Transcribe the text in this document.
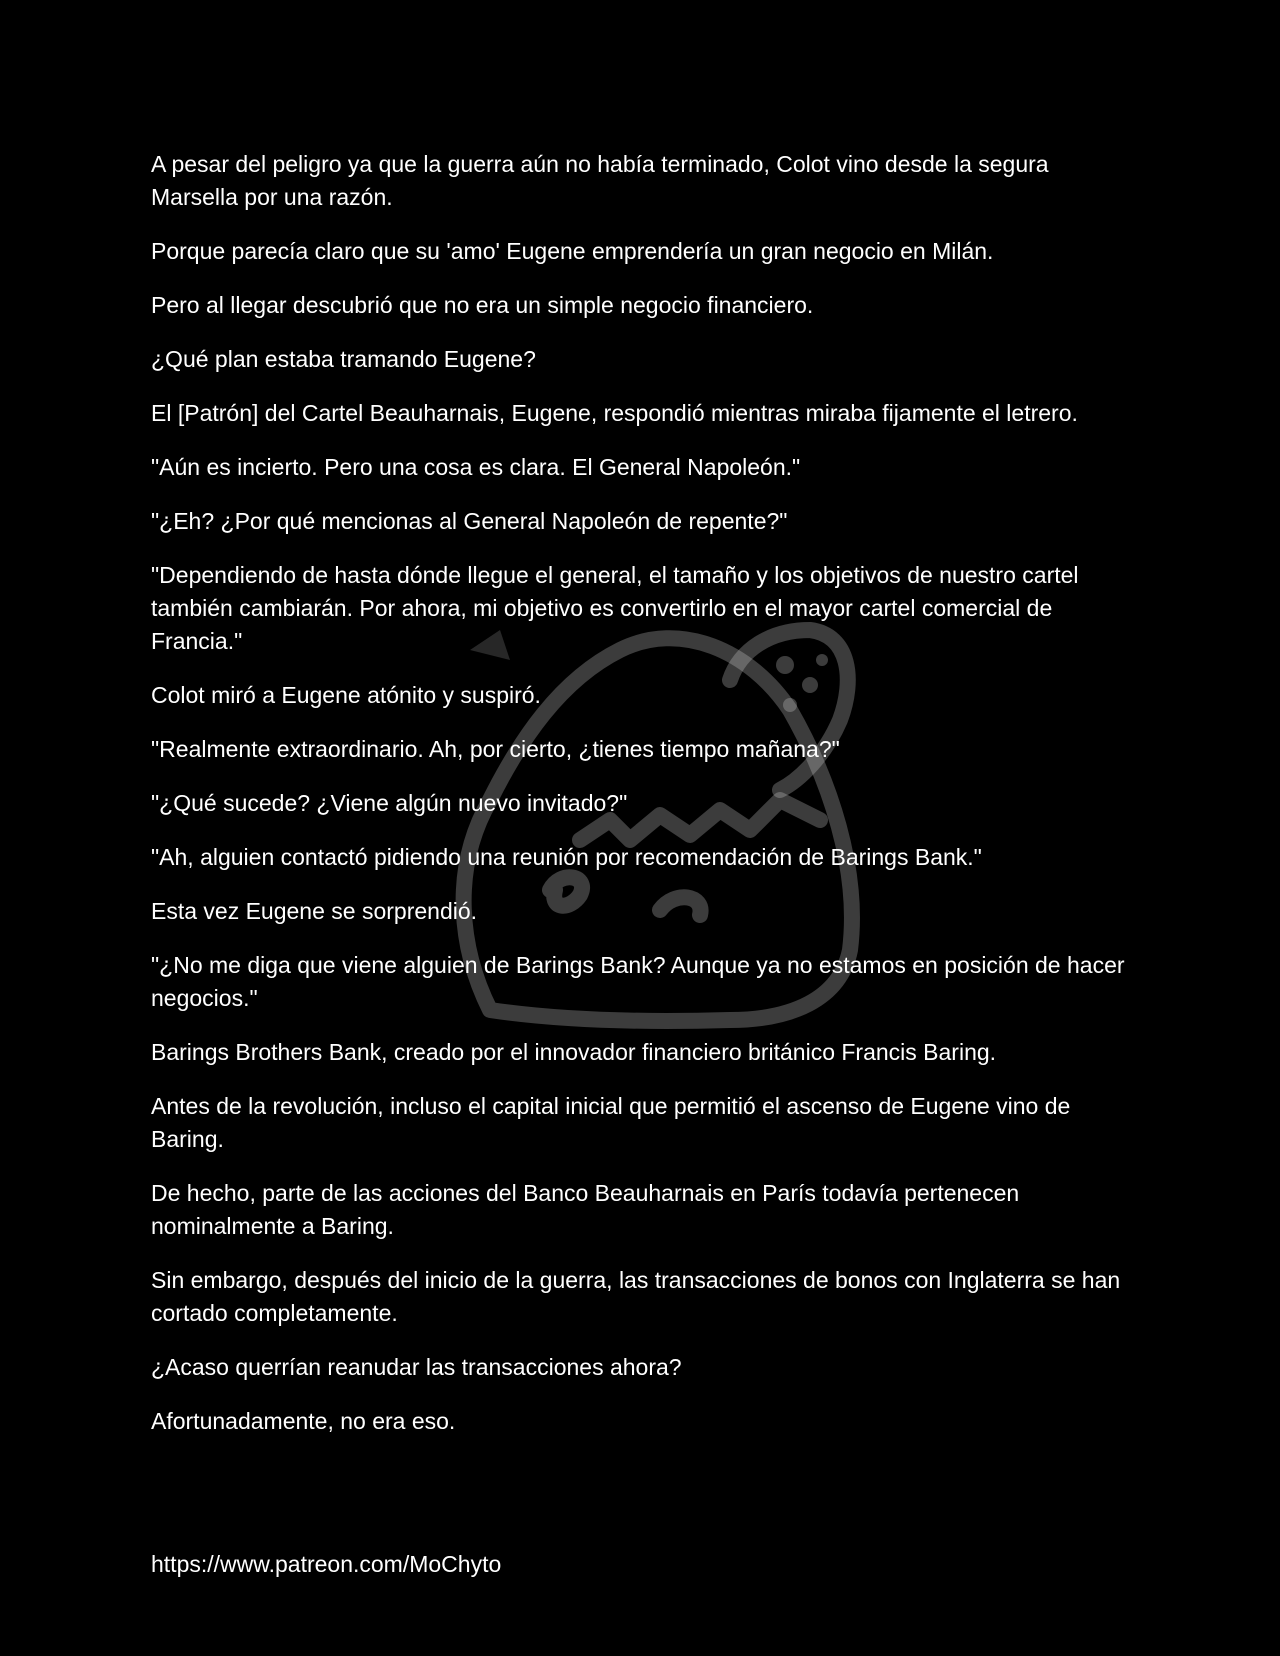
A pesar del peligro ya que la guerra aún no había terminado, Colot vino desde la segura Marsella por una razón.

Porque parecía claro que su 'amo' Eugene emprendería un gran negocio en Milán.

Pero al llegar descubrió que no era un simple negocio financiero.

¿Qué plan estaba tramando Eugene?

El [Patrón] del Cartel Beauharnais, Eugene, respondió mientras miraba fijamente el letrero.

"Aún es incierto. Pero una cosa es clara. El General Napoleón."

"¿Eh? ¿Por qué mencionas al General Napoleón de repente?"

"Dependiendo de hasta dónde llegue el general, el tamaño y los objetivos de nuestro cartel también cambiarán. Por ahora, mi objetivo es convertirlo en el mayor cartel comercial de Francia."

Colot miró a Eugene atónito y suspiró.

"Realmente extraordinario. Ah, por cierto, ¿tienes tiempo mañana?"

"¿Qué sucede? ¿Viene algún nuevo invitado?"

"Ah, alguien contactó pidiendo una reunión por recomendación de Barings Bank."

Esta vez Eugene se sorprendió.

"¿No me diga que viene alguien de Barings Bank? Aunque ya no estamos en posición de hacer negocios."

Barings Brothers Bank, creado por el innovador financiero británico Francis Baring.

Antes de la revolución, incluso el capital inicial que permitió el ascenso de Eugene vino de Baring.

De hecho, parte de las acciones del Banco Beauharnais en París todavía pertenecen nominalmente a Baring.

Sin embargo, después del inicio de la guerra, las transacciones de bonos con Inglaterra se han cortado completamente.

¿Acaso querrían reanudar las transacciones ahora?

Afortunadamente, no era eso.

https://www.patreon.com/MoChyto
